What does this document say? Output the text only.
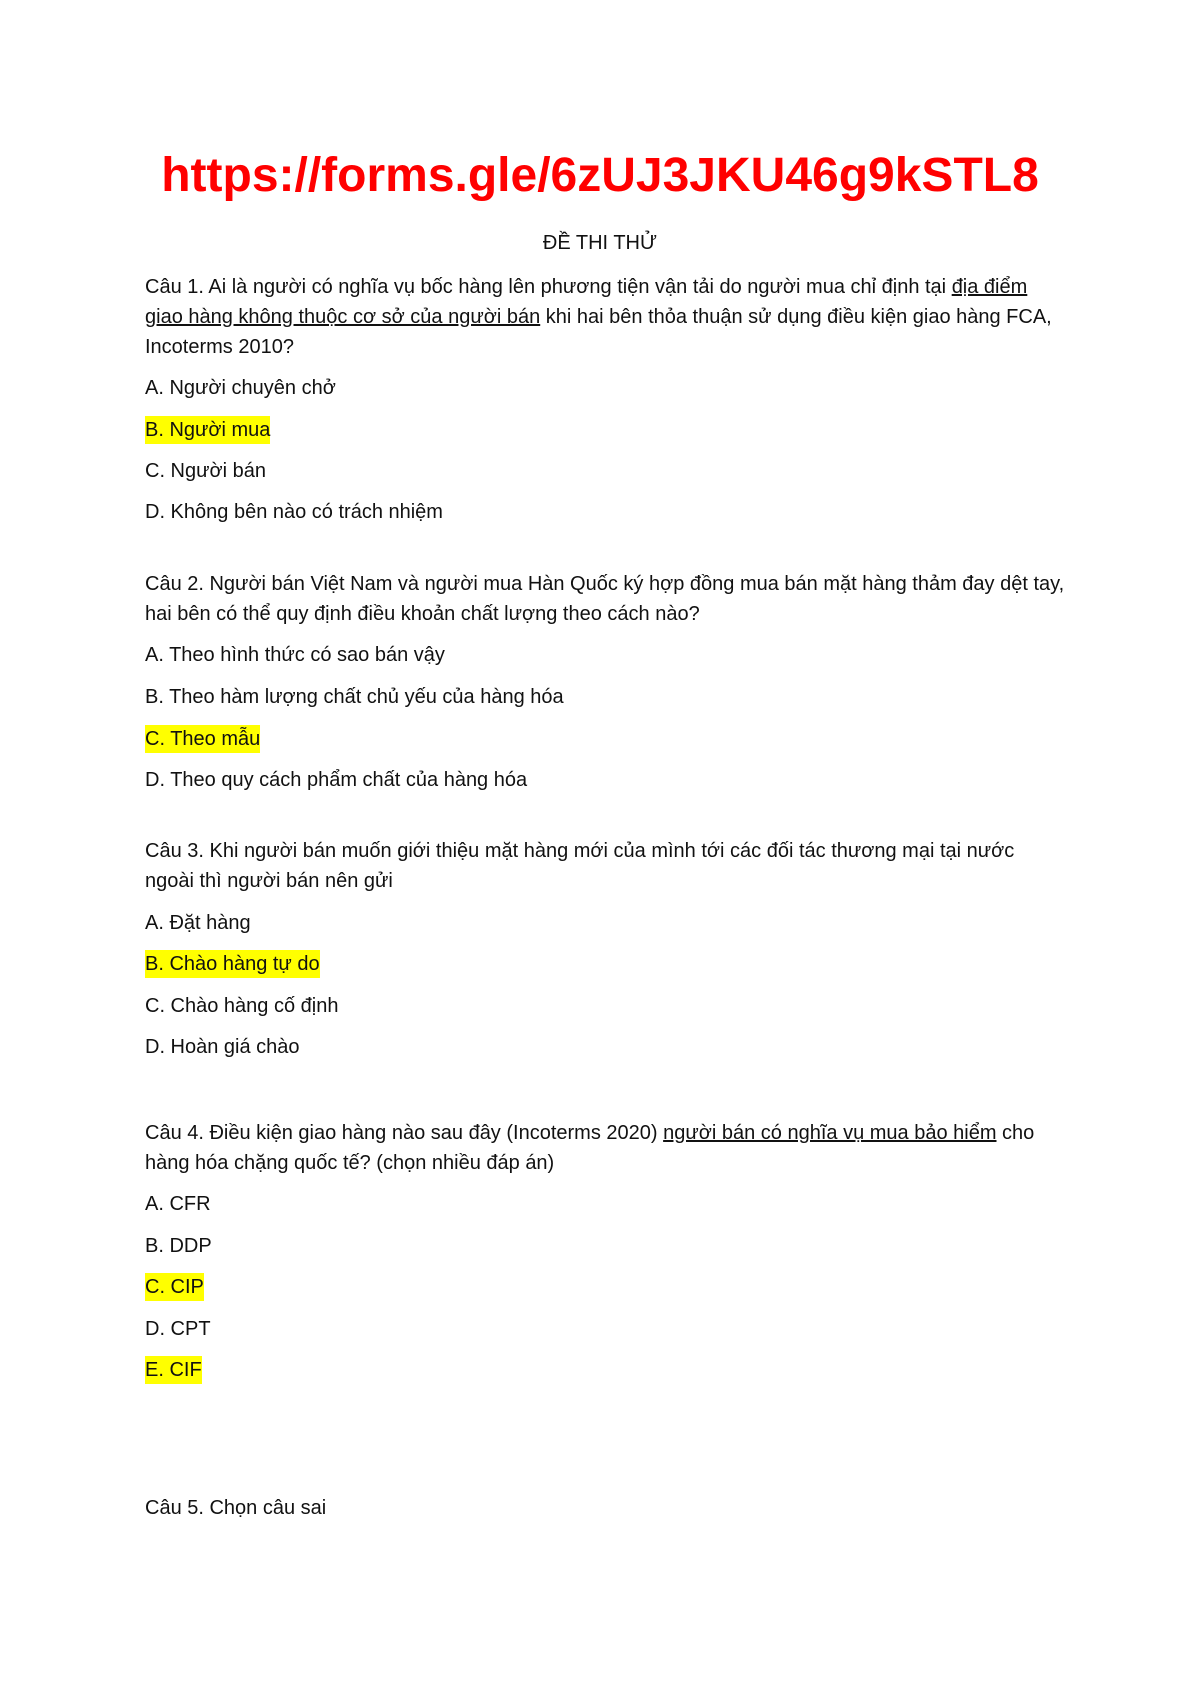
https://forms.gle/6zUJ3JKU46g9kSTL8
ĐỀ THI THỬ
Câu 1. Ai là người có nghĩa vụ bốc hàng lên phương tiện vận tải do người mua chỉ định tại địa điểm giao hàng không thuộc cơ sở của người bán khi hai bên thỏa thuận sử dụng điều kiện giao hàng FCA, Incoterms 2010?
A. Người chuyên chở
B. Người mua
C. Người bán
D. Không bên nào có trách nhiệm
Câu 2. Người bán Việt Nam và người mua Hàn Quốc ký hợp đồng mua bán mặt hàng thảm đay dệt tay, hai bên có thể quy định điều khoản chất lượng theo cách nào?
A. Theo hình thức có sao bán vậy
B. Theo hàm lượng chất chủ yếu của hàng hóa
C. Theo mẫu
D. Theo quy cách phẩm chất của hàng hóa
Câu 3. Khi người bán muốn giới thiệu mặt hàng mới của mình tới các đối tác thương mại tại nước ngoài thì người bán nên gửi
A. Đặt hàng
B. Chào hàng tự do
C. Chào hàng cố định
D. Hoàn giá chào
Câu 4. Điều kiện giao hàng nào sau đây (Incoterms 2020) người bán có nghĩa vụ mua bảo hiểm cho hàng hóa chặng quốc tế? (chọn nhiều đáp án)
A. CFR
B. DDP
C. CIP
D. CPT
E. CIF
Câu 5. Chọn câu sai
